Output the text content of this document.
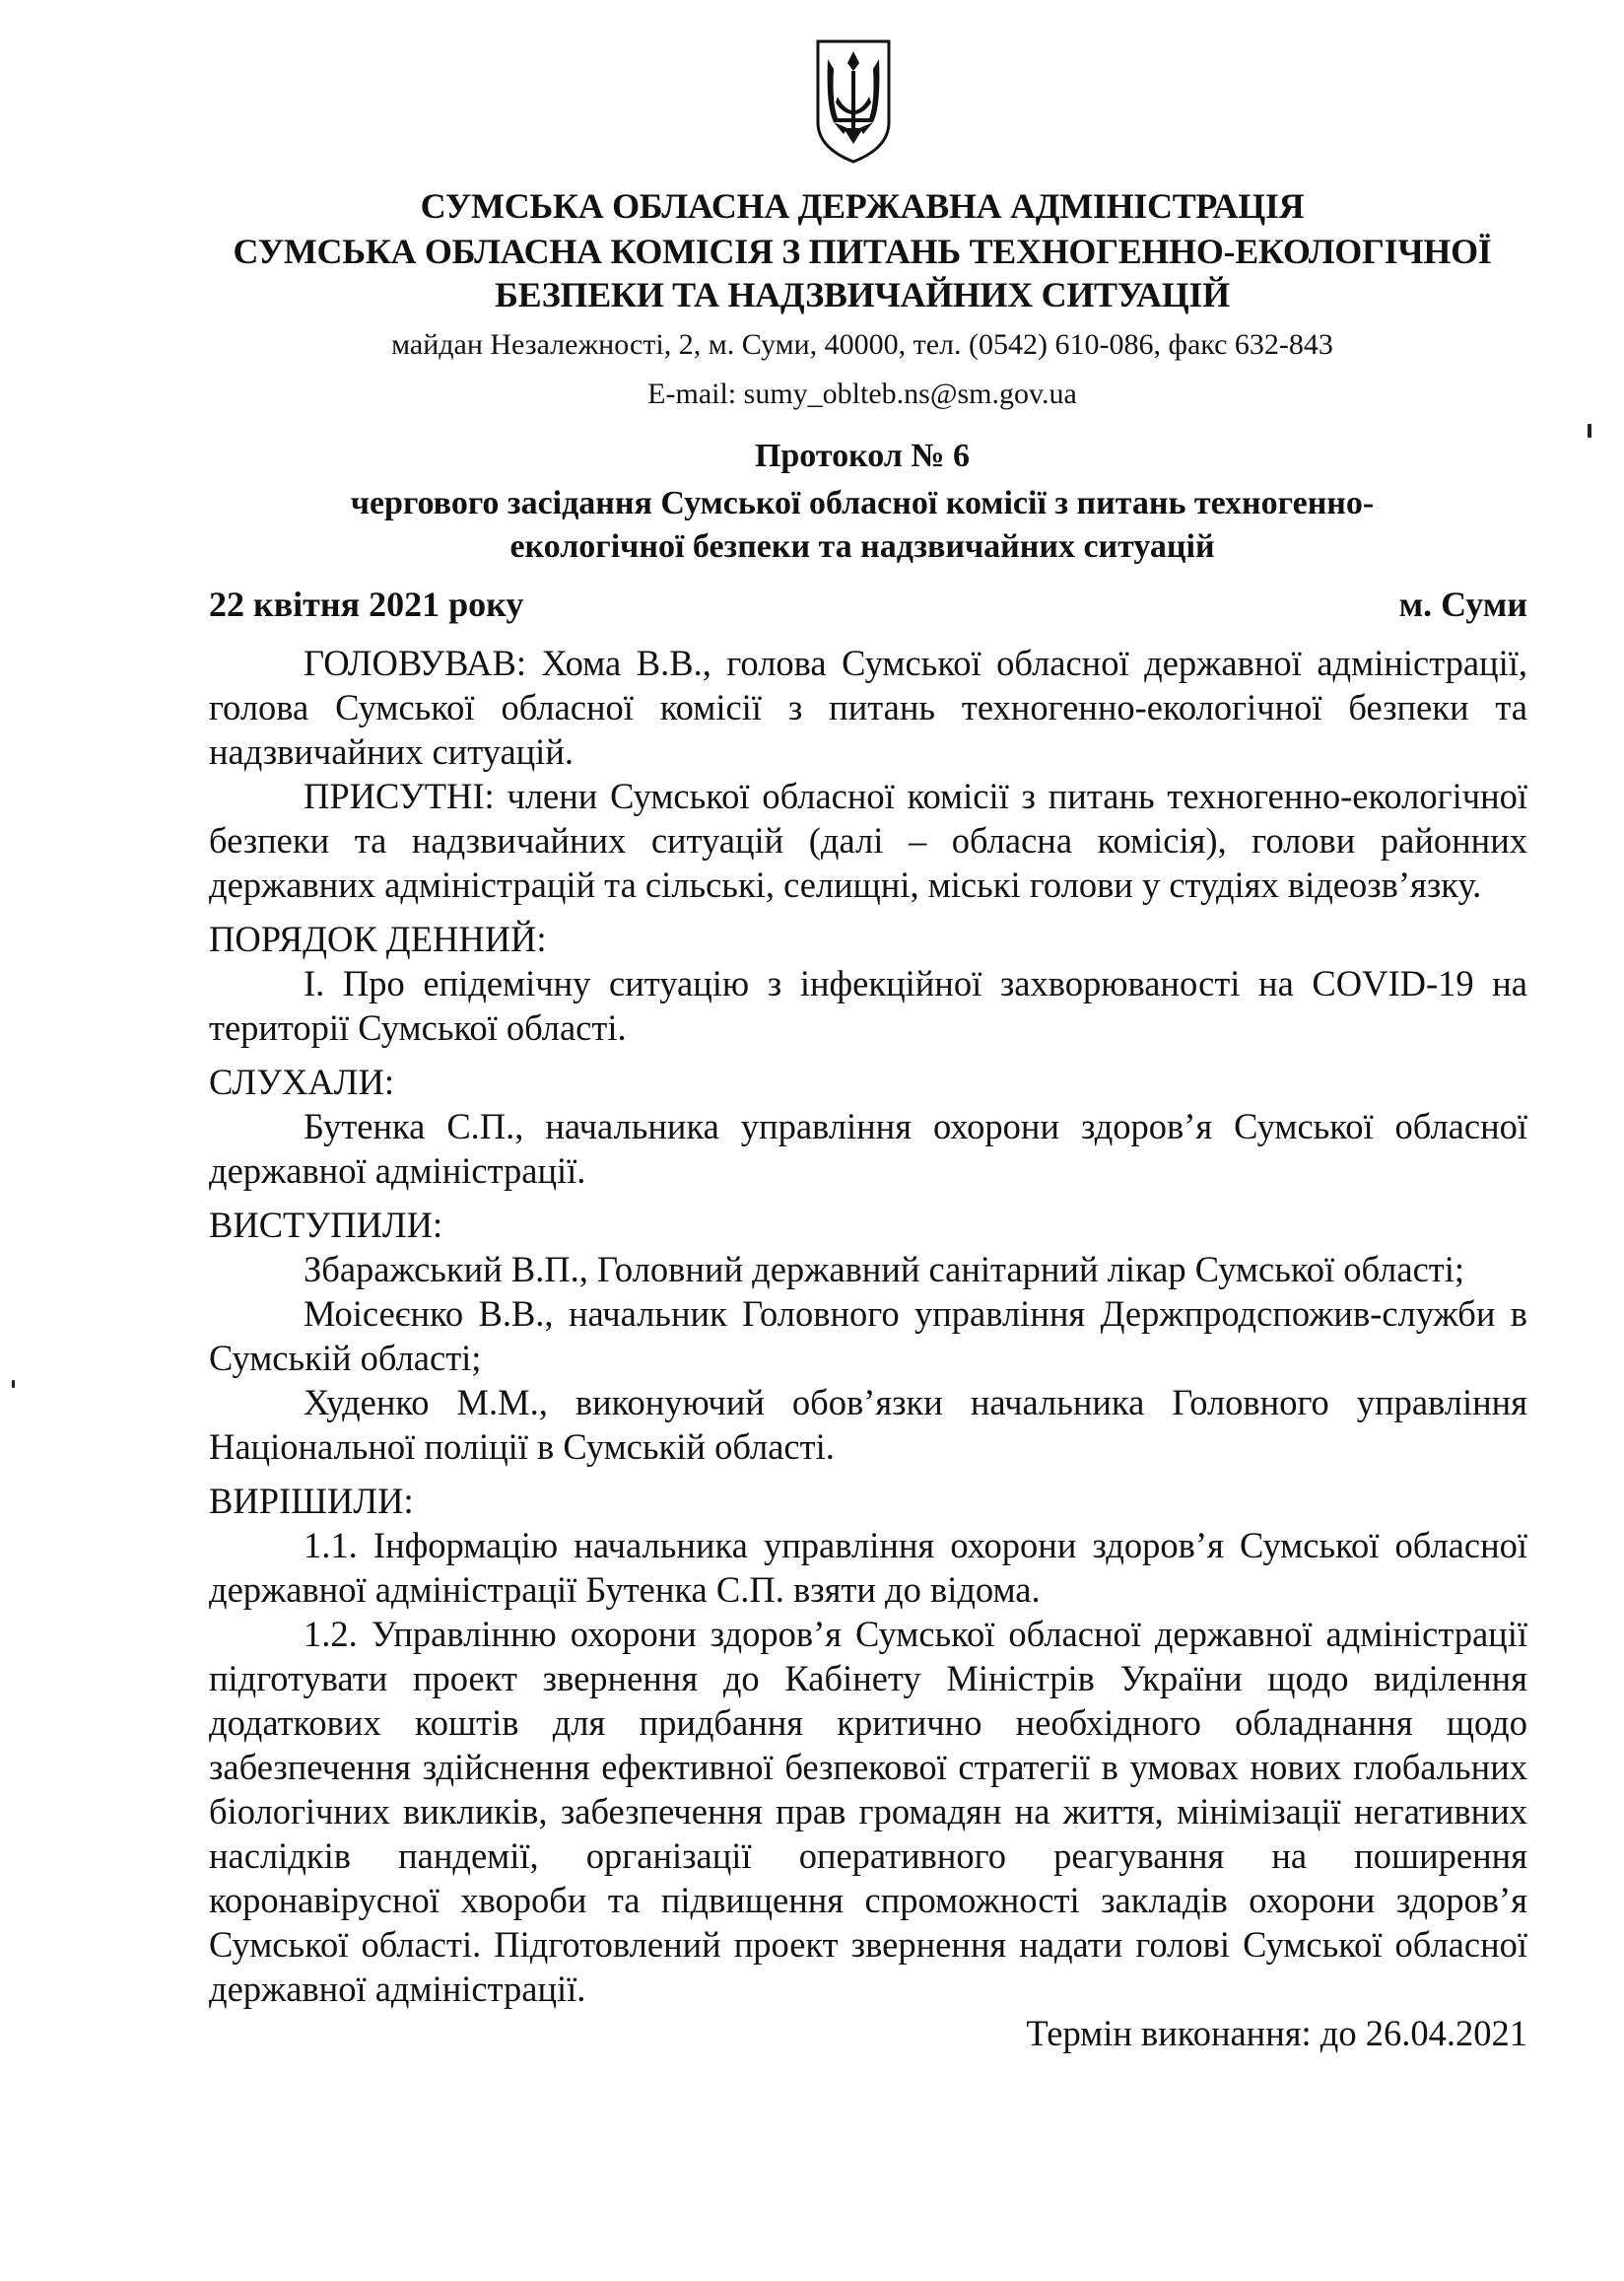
СУМСЬКА ОБЛАСНА ДЕРЖАВНА АДМІНІСТРАЦІЯ
СУМСЬКА ОБЛАСНА КОМІСІЯ З ПИТАНЬ ТЕХНОГЕННО-ЕКОЛОГІЧНОЇ
БЕЗПЕКИ ТА НАДЗВИЧАЙНИХ СИТУАЦІЙ
майдан Незалежності, 2, м. Суми, 40000, тел. (0542) 610-086, факс 632-843
E-mail: sumy_oblteb.ns@sm.gov.ua
Протокол № 6
чергового засідання Сумської обласної комісії з питань техногенно-
екологічної безпеки та надзвичайних ситуацій
22 квітня 2021 року	м. Суми

ГОЛОВУВАВ: Хома В.В., голова Сумської обласної державної адміністрації, голова Сумської обласної комісії з питань техногенно-екологічної безпеки та надзвичайних ситуацій.

ПРИСУТНІ: члени Сумської обласної комісії з питань техногенно-екологічної безпеки та надзвичайних ситуацій (далі – обласна комісія), голови районних державних адміністрацій та сільські, селищні, міські голови у студіях відеозв’язку.

ПОРЯДОК ДЕННИЙ:

І. Про епідемічну ситуацію з інфекційної захворюваності на COVID-19 на території Сумської області.

СЛУХАЛИ:

Бутенка С.П., начальника управління охорони здоров’я Сумської обласної державної адміністрації.

ВИСТУПИЛИ:

Збаражський В.П., Головний державний санітарний лікар Сумської області;

Моісеєнко В.В., начальник Головного управління Держпродспожив-служби в Сумській області;

Худенко М.М., виконуючий обов’язки начальника Головного управління Національної поліції в Сумській області.

ВИРІШИЛИ:

1.1. Інформацію начальника управління охорони здоров’я Сумської обласної державної адміністрації Бутенка С.П. взяти до відома.

1.2. Управлінню охорони здоров’я Сумської обласної державної адміністрації підготувати проект звернення до Кабінету Міністрів України щодо виділення додаткових коштів для придбання критично необхідного обладнання щодо забезпечення здійснення ефективної безпекової стратегії в умовах нових глобальних біологічних викликів, забезпечення прав громадян на життя, мінімізації негативних наслідків пандемії, організації оперативного реагування на поширення коронавірусної хвороби та підвищення спроможності закладів охорони здоров’я Сумської області. Підготовлений проект звернення надати голові Сумської обласної державної адміністрації.

Термін виконання: до 26.04.2021
